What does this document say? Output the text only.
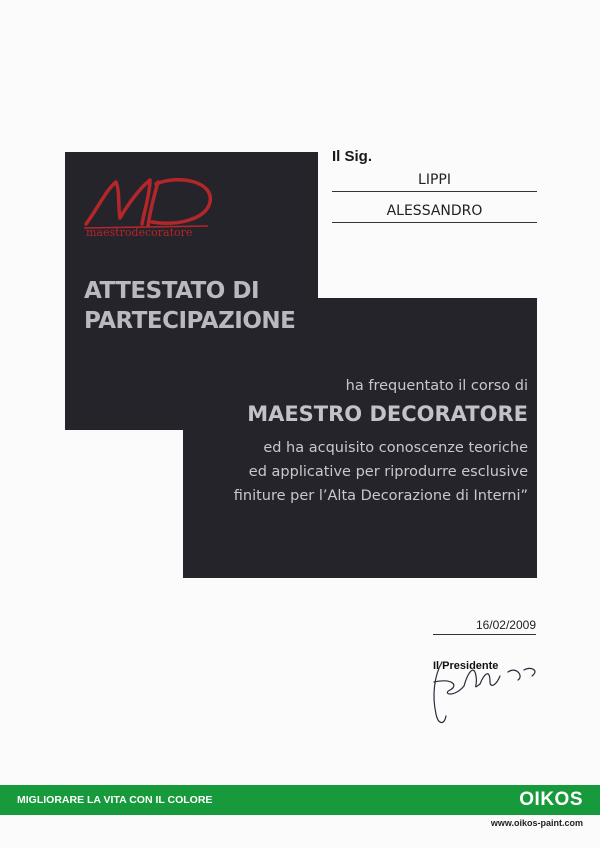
maestrodecoratore
ATTESTATO DI
PARTECIPAZIONE
Il Sig.
LIPPI
ALESSANDRO
ha frequentato il corso di
MAESTRO DECORATORE
ed ha acquisito conoscenze teoriche
ed applicative per riprodurre esclusive
finiture per l’Alta Decorazione di Interni”
16/02/2009
Il Presidente
MIGLIORARE LA VITA CON IL COLORE	OIKOS
www.oikos-paint.com
